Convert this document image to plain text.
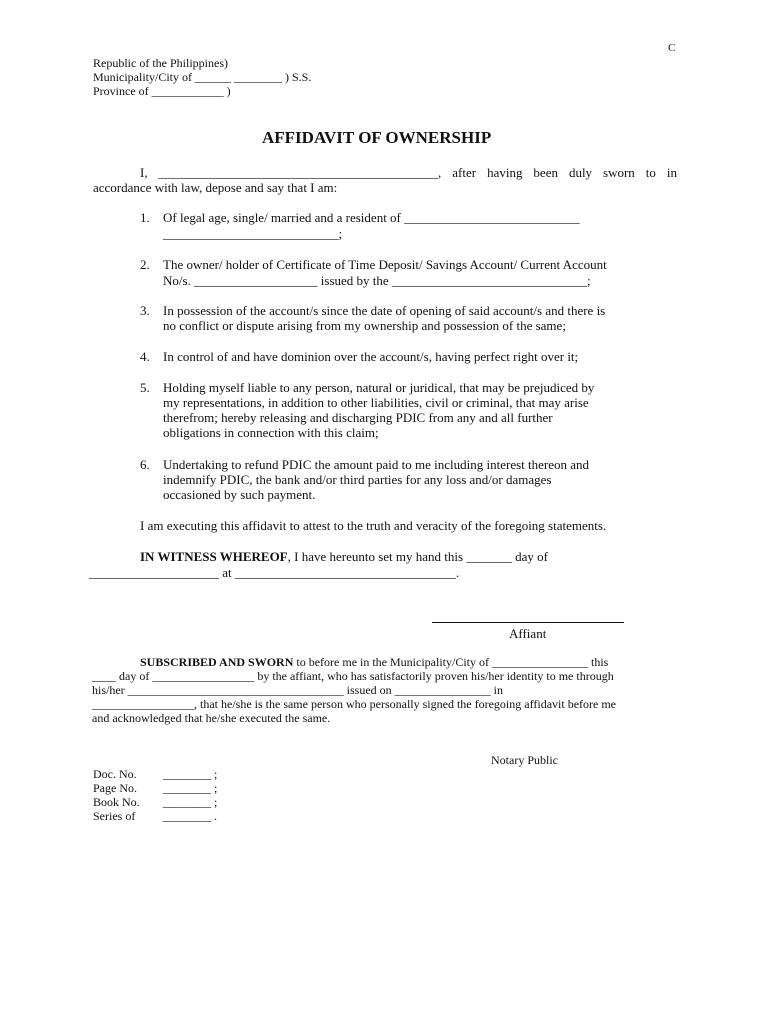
C
Republic of the Philippines)
Municipality/City of ______ ________ ) S.S.
Province of ____________ )
AFFIDAVIT OF OWNERSHIP
I, ___________________________________________, after having been duly sworn to in
accordance with law, depose and say that I am:
1. Of legal age, single/ married and a resident of ___________________________
___________________________;
2. The owner/ holder of Certificate of Time Deposit/ Savings Account/ Current Account
No/s. ___________________ issued by the ______________________________;
3. In possession of the account/s since the date of opening of said account/s and there is
no conflict or dispute arising from my ownership and possession of the same;
4. In control of and have dominion over the account/s, having perfect right over it;
5. Holding myself liable to any person, natural or juridical, that may be prejudiced by
my representations, in addition to other liabilities, civil or criminal, that may arise
therefrom; hereby releasing and discharging PDIC from any and all further
obligations in connection with this claim;
6. Undertaking to refund PDIC the amount paid to me including interest thereon and
indemnify PDIC, the bank and/or third parties for any loss and/or damages
occasioned by such payment.
I am executing this affidavit to attest to the truth and veracity of the foregoing statements.
IN WITNESS WHEREOF, I have hereunto set my hand this _______ day of
____________________ at __________________________________.
Affiant
SUBSCRIBED AND SWORN to before me in the Municipality/City of ________________ this
____ day of _________________ by the affiant, who has satisfactorily proven his/her identity to me through
his/her ____________________________________ issued on ________________ in
_________________, that he/she is the same person who personally signed the foregoing affidavit before me
and acknowledged that he/she executed the same.
Notary Public
Doc. No. ________ ;
Page No. ________ ;
Book No. ________ ;
Series of ________ .
